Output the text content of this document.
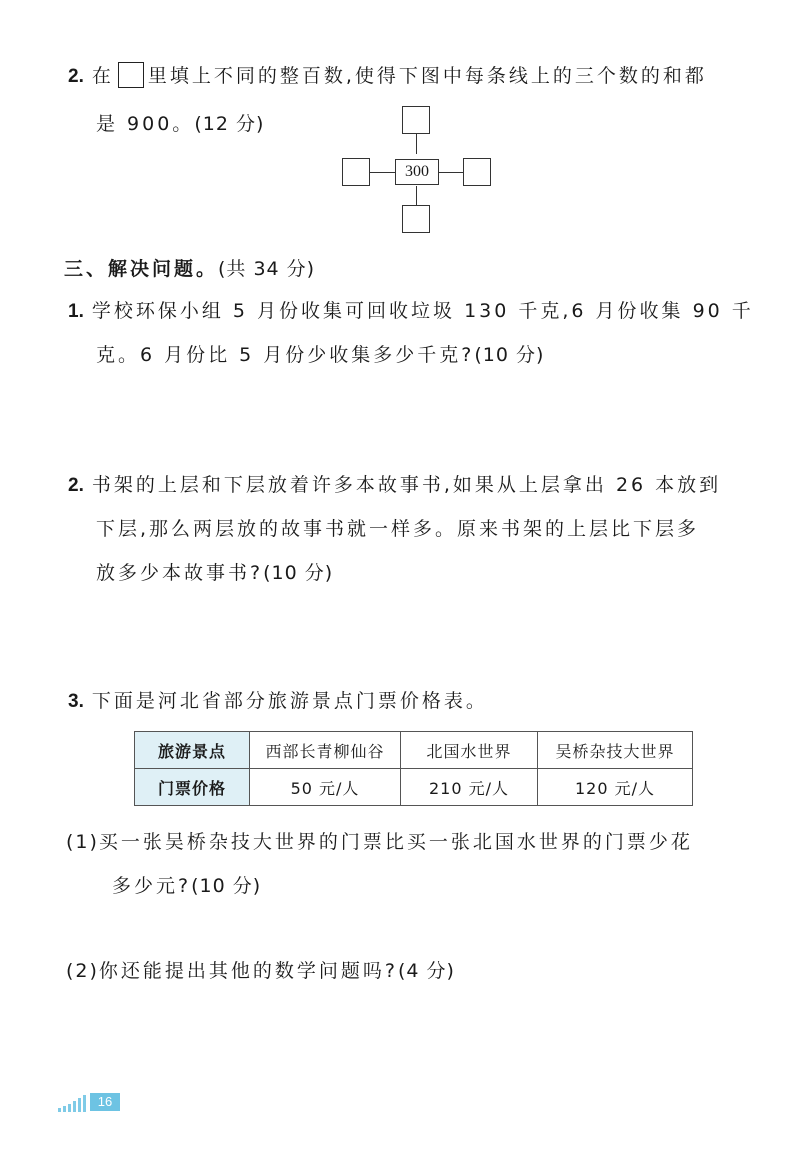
2. 在 里填上不同的整百数,使得下图中每条线上的三个数的和都
是 900。(12 分)
300
三、解决问题。(共 34 分)
1. 学校环保小组 5 月份收集可回收垃圾 130 千克,6 月份收集 90 千
克。6 月份比 5 月份少收集多少千克?(10 分)
2. 书架的上层和下层放着许多本故事书,如果从上层拿出 26 本放到
下层,那么两层放的故事书就一样多。原来书架的上层比下层多
放多少本故事书?(10 分)
3. 下面是河北省部分旅游景点门票价格表。
旅游景点	西部长青柳仙谷	北国水世界	吴桥杂技大世界
门票价格	50 元/人	210 元/人	120 元/人
(1)买一张吴桥杂技大世界的门票比买一张北国水世界的门票少花
多少元?(10 分)
(2)你还能提出其他的数学问题吗?(4 分)
16
